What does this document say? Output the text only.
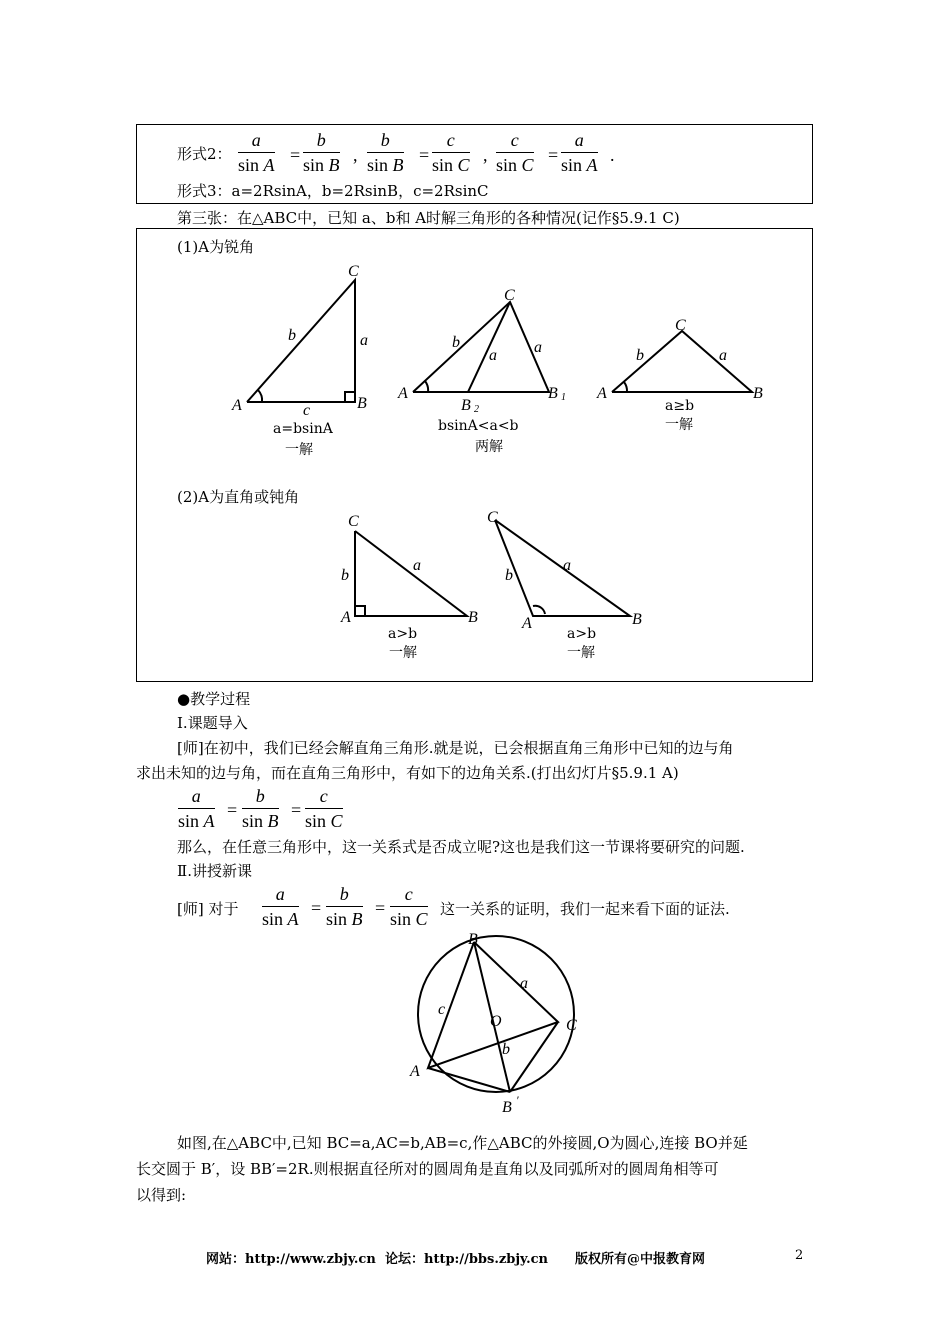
形式2： $\frac{a}{\text{sin A}} = \frac{b}{\text{sin B}}$ , $\frac{b}{\text{sin B}} = \frac{c}{\text{sin C}}$ , $\frac{c}{\text{sin C}} = \frac{a}{\text{sin A}}$ .
形式3：a=2RsinA，b=2RsinB，c=2RsinC
第三张：在△ABC中，已知 a、b和 A时解三角形的各种情况(记作§5.9.1 C)
(1)A为锐角
(2)A为直角或钝角
C
b	a
A	B
c
C
b
a a
A
B 2
B 1
C
b	a
A	B
C
b
a
A	B
C
b
a
A	B
a=bsinA
一解
bsinA<a<b
两解
a≥b
一解
a>b
一解
a>b
一解
●教学过程
Ⅰ.课题导入
[师]在初中，我们已经会解直角三角形.就是说，已会根据直角三角形中已知的边与角
求出未知的边与角，而在直角三角形中，有如下的边角关系.(打出幻灯片§5.9.1 A)
$\frac{a}{\text{sin A}} = \frac{b}{\text{sin B}} = \frac{c}{\text{sin C}}$
那么，在任意三角形中，这一关系式是否成立呢?这也是我们这一节课将要研究的问题.
Ⅱ.讲授新课
[师] 对于 $\frac{a}{\text{sin A}} = \frac{b}{\text{sin B}} = \frac{c}{\text{sin C}}$ 这一关系的证明，我们一起来看下面的证法.
B
C
A
B ′
O
c
a
b
如图,在△ABC中,已知 BC=a,AC=b,AB=c,作△ABC的外接圆,O为圆心,连接 BO并延
长交圆于 B′，设 BB′=2R.则根据直径所对的圆周角是直角以及同弧所对的圆周角相等可
以得到:
网站：http://www.zbjy.cn 论坛：http://bbs.zbjy.cn 版权所有@中报教育网	2
